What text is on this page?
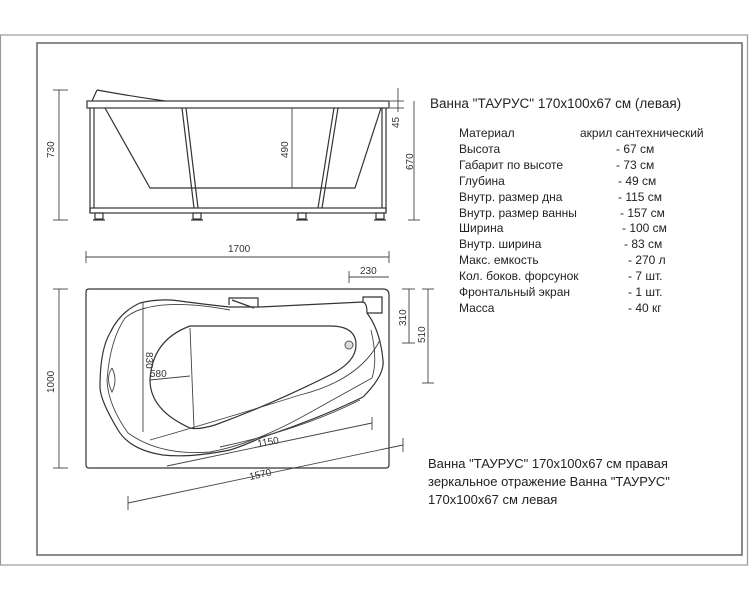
730	490
45
670
1700
230
1000
310
510
830
580
1150
1570
Ванна "ТАУРУС" 170x100x67 см (левая)
Материал	акрил сантехнический
Высота	- 67 см
Габарит по высоте	- 73 см
Глубина	- 49 см
Внутр. размер дна	- 115 см
Внутр. размер ванны	- 157 см
Ширина	- 100 см
Внутр. ширина	- 83 см
Макс. емкость	- 270 л
Кол. боков. форсунок	- 7 шт.
Фронтальный экран	- 1 шт.
Масса	- 40 кг
Ванна "ТАУРУС" 170x100x67 см правая
зеркальное отражение Ванна "ТАУРУС"
170x100x67 см левая
